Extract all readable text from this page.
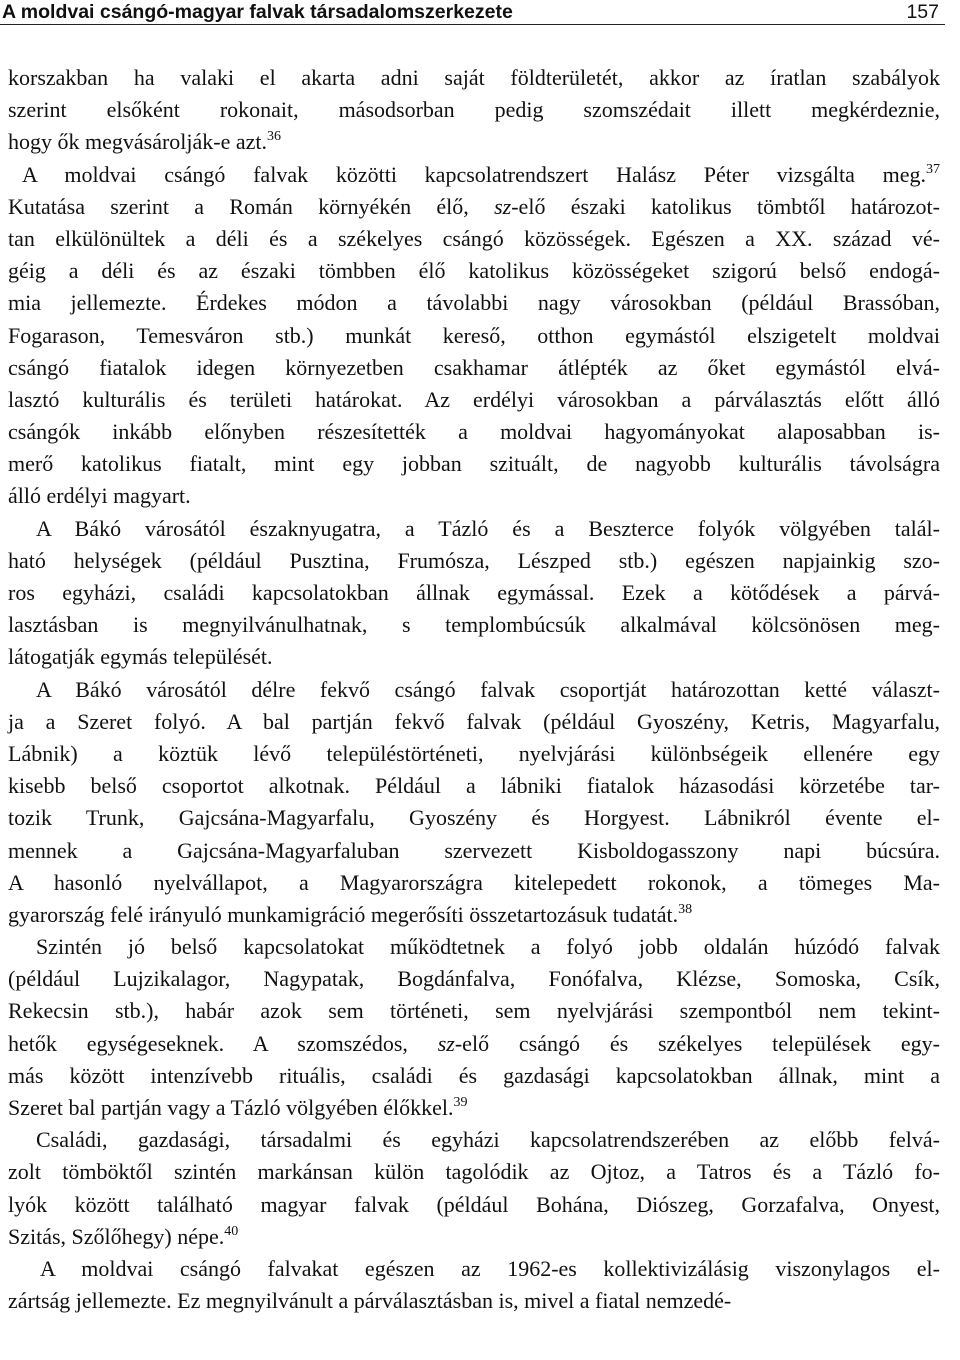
A moldvai csángó-magyar falvak társadalomszerkezete	157
korszakban ha valaki el akarta adni saját földterületét, akkor az íratlan szabályok
szerint elsőként rokonait, másodsorban pedig szomszédait illett megkérdeznie,
hogy ők megvásárolják-e azt.$^{36}$
A moldvai csángó falvak közötti kapcsolatrendszert Halász Péter vizsgálta meg.$^{37}$
Kutatása szerint a Román környékén élő, sz-elő északi katolikus tömbtől határozot-
tan elkülönültek a déli és a székelyes csángó közösségek. Egészen a XX. század vé-
géig a déli és az északi tömbben élő katolikus közösségeket szigorú belső endogá-
mia jellemezte. Érdekes módon a távolabbi nagy városokban (például Brassóban,
Fogarason, Temesváron stb.) munkát kereső, otthon egymástól elszigetelt moldvai
csángó fiatalok idegen környezetben csakhamar átlépték az őket egymástól elvá-
lasztó kulturális és területi határokat. Az erdélyi városokban a párválasztás előtt álló
csángók inkább előnyben részesítették a moldvai hagyományokat alaposabban is-
merő katolikus fiatalt, mint egy jobban szituált, de nagyobb kulturális távolságra
álló erdélyi magyart.
A Bákó városától északnyugatra, a Tázló és a Beszterce folyók völgyében talál-
ható helységek (például Pusztina, Frumósza, Lészped stb.) egészen napjainkig szo-
ros egyházi, családi kapcsolatokban állnak egymással. Ezek a kötődések a párvá-
lasztásban is megnyilvánulhatnak, s templombúcsúk alkalmával kölcsönösen meg-
látogatják egymás települését.
A Bákó városától délre fekvő csángó falvak csoportját határozottan ketté választ-
ja a Szeret folyó. A bal partján fekvő falvak (például Gyoszény, Ketris, Magyarfalu,
Lábnik) a köztük lévő településtörténeti, nyelvjárási különbségeik ellenére egy
kisebb belső csoportot alkotnak. Például a lábniki fiatalok házasodási körzetébe tar-
tozik Trunk, Gajcsána-Magyarfalu, Gyoszény és Horgyest. Lábnikról évente el-
mennek a Gajcsána-Magyarfaluban szervezett Kisboldogasszony napi búcsúra.
A hasonló nyelvállapot, a Magyarországra kitelepedett rokonok, a tömeges Ma-
gyarország felé irányuló munkamigráció megerősíti összetartozásuk tudatát.$^{38}$
Szintén jó belső kapcsolatokat működtetnek a folyó jobb oldalán húzódó falvak
(például Lujzikalagor, Nagypatak, Bogdánfalva, Fonófalva, Klézse, Somoska, Csík,
Rekecsin stb.), habár azok sem történeti, sem nyelvjárási szempontból nem tekint-
hetők egységeseknek. A szomszédos, sz-elő csángó és székelyes települések egy-
más között intenzívebb rituális, családi és gazdasági kapcsolatokban állnak, mint a
Szeret bal partján vagy a Tázló völgyében élőkkel.$^{39}$
Családi, gazdasági, társadalmi és egyházi kapcsolatrendszerében az előbb felvá-
zolt tömböktől szintén markánsan külön tagolódik az Ojtoz, a Tatros és a Tázló fo-
lyók között található magyar falvak (például Bohána, Diószeg, Gorzafalva, Onyest,
Szitás, Szőlőhegy) népe.$^{40}$
A moldvai csángó falvakat egészen az 1962-es kollektivizálásig viszonylagos el-
zártság jellemezte. Ez megnyilvánult a párválasztásban is, mivel a fiatal nemzedé-
